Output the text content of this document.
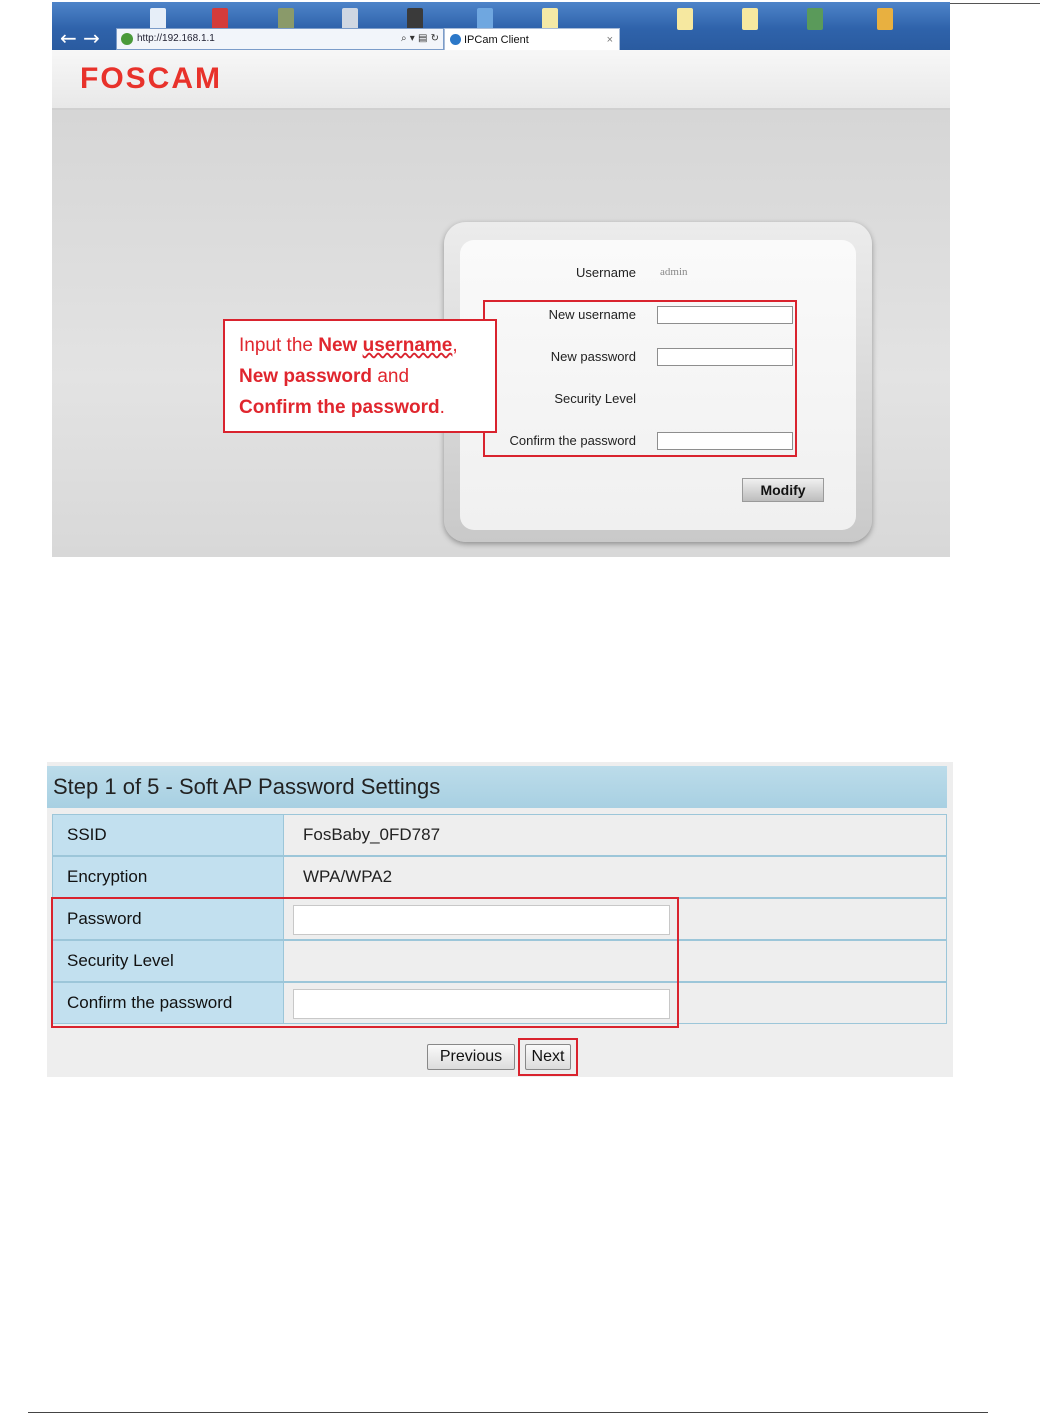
← →	http://192.168.1.1	⌕ ▾ ▤ ↻	IPCam Client	×
FOSCAM
Username admin
New username
New password
Security Level
Confirm the password
Modify
Input the New username,
New password and
Confirm the password.
Step 1 of 5 - Soft AP Password Settings
SSID	FosBaby_0FD787
Encryption	WPA/WPA2
Password
Security Level
Confirm the password
Previous	Next
